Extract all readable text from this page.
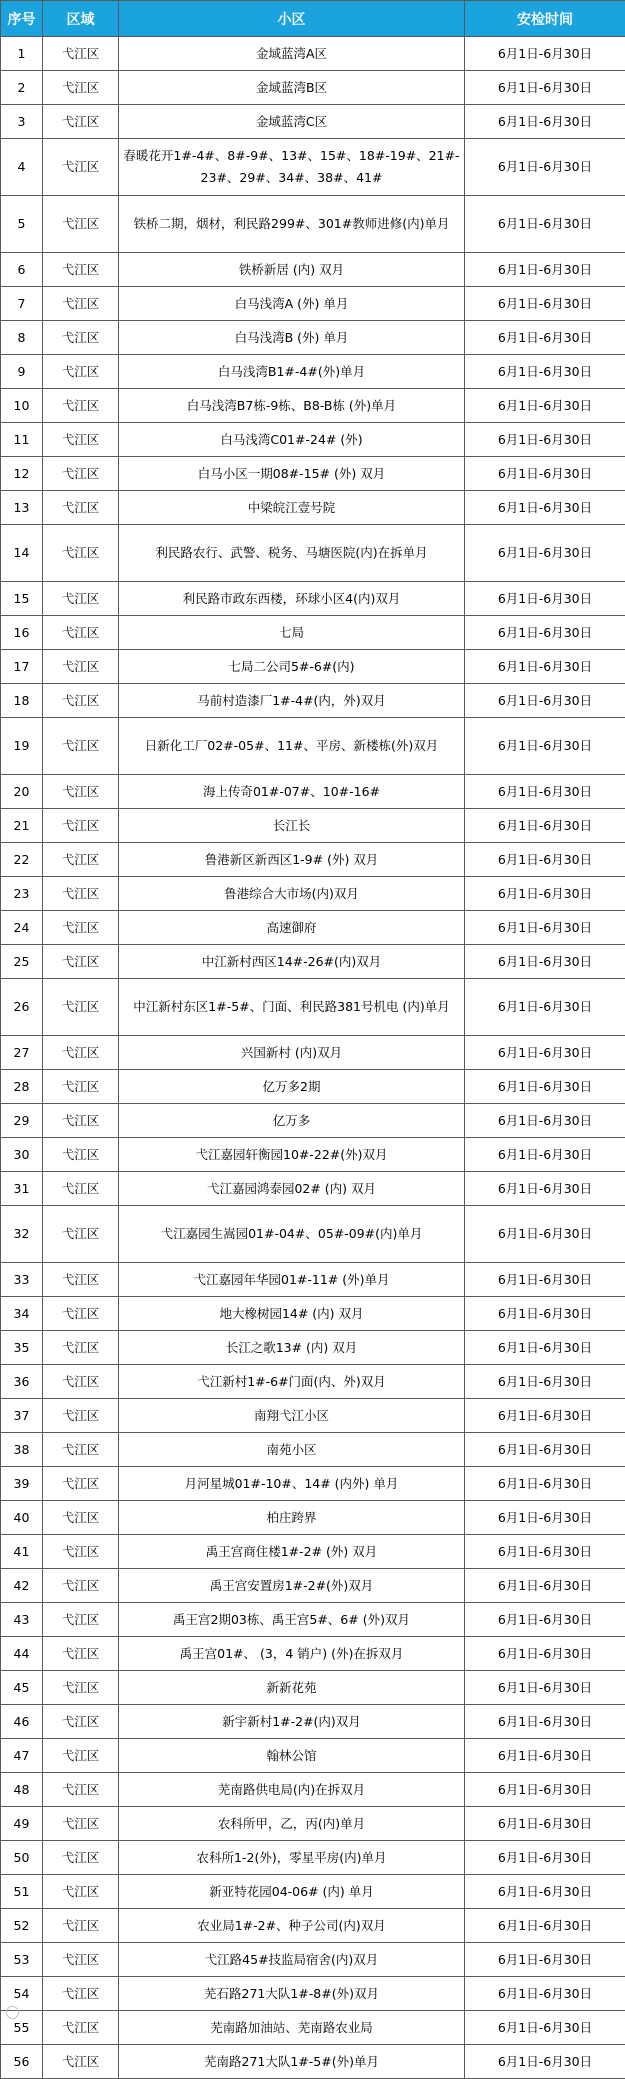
序号	区域	小区	安检时间
1	弋江区	金域蓝湾A区	6月1日-6月30日
2	弋江区	金域蓝湾B区	6月1日-6月30日
3	弋江区	金域蓝湾C区	6月1日-6月30日
4	弋江区	春暖花开1#-4#、8#-9#、13#、15#、18#-19#、21#-23#、29#、34#、38#、41#	6月1日-6月30日
5	弋江区	铁桥二期，烟材，利民路299#、301#教师进修(内)单月	6月1日-6月30日
6	弋江区	铁桥新居 (内) 双月	6月1日-6月30日
7	弋江区	白马浅湾A (外) 单月	6月1日-6月30日
8	弋江区	白马浅湾B (外) 单月	6月1日-6月30日
9	弋江区	白马浅湾B1#-4#(外)单月	6月1日-6月30日
10	弋江区	白马浅湾B7栋-9栋、B8-B栋 (外)单月	6月1日-6月30日
11	弋江区	白马浅湾C01#-24# (外)	6月1日-6月30日
12	弋江区	白马小区一期08#-15# (外) 双月	6月1日-6月30日
13	弋江区	中梁皖江壹号院	6月1日-6月30日
14	弋江区	利民路农行、武警、税务、马塘医院(内)在拆单月	6月1日-6月30日
15	弋江区	利民路市政东西楼，环球小区4(内)双月	6月1日-6月30日
16	弋江区	七局	6月1日-6月30日
17	弋江区	七局二公司5#-6#(内)	6月1日-6月30日
18	弋江区	马前村造漆厂1#-4#(内，外)双月	6月1日-6月30日
19	弋江区	日新化工厂02#-05#、11#、平房、新楼栋(外)双月	6月1日-6月30日
20	弋江区	海上传奇01#-07#、10#-16#	6月1日-6月30日
21	弋江区	长江长	6月1日-6月30日
22	弋江区	鲁港新区新西区1-9# (外) 双月	6月1日-6月30日
23	弋江区	鲁港综合大市场(内)双月	6月1日-6月30日
24	弋江区	高速御府	6月1日-6月30日
25	弋江区	中江新村西区14#-26#(内)双月	6月1日-6月30日
26	弋江区	中江新村东区1#-5#、门面、利民路381号机电 (内)单月	6月1日-6月30日
27	弋江区	兴国新村 (内)双月	6月1日-6月30日
28	弋江区	亿万多2期	6月1日-6月30日
29	弋江区	亿万多	6月1日-6月30日
30	弋江区	弋江嘉园轩衡园10#-22#(外)双月	6月1日-6月30日
31	弋江区	弋江嘉园鸿泰园02# (内) 双月	6月1日-6月30日
32	弋江区	弋江嘉园生嵩园01#-04#、05#-09#(内)单月	6月1日-6月30日
33	弋江区	弋江嘉园年华园01#-11# (外)单月	6月1日-6月30日
34	弋江区	地大橡树园14# (内) 双月	6月1日-6月30日
35	弋江区	长江之歌13# (内) 双月	6月1日-6月30日
36	弋江区	弋江新村1#-6#门面(内、外)双月	6月1日-6月30日
37	弋江区	南翔弋江小区	6月1日-6月30日
38	弋江区	南苑小区	6月1日-6月30日
39	弋江区	月河星城01#-10#、14# (内外) 单月	6月1日-6月30日
40	弋江区	柏庄跨界	6月1日-6月30日
41	弋江区	禹王宫商住楼1#-2# (外) 双月	6月1日-6月30日
42	弋江区	禹王宫安置房1#-2#(外)双月	6月1日-6月30日
43	弋江区	禹王宫2期03栋、禹王宫5#、6# (外)双月	6月1日-6月30日
44	弋江区	禹王宫01#、 (3，4 销户) (外)在拆双月	6月1日-6月30日
45	弋江区	新新花苑	6月1日-6月30日
46	弋江区	新宇新村1#-2#(内)双月	6月1日-6月30日
47	弋江区	翰林公馆	6月1日-6月30日
48	弋江区	芜南路供电局(内)在拆双月	6月1日-6月30日
49	弋江区	农科所甲，乙，丙(内)单月	6月1日-6月30日
50	弋江区	农科所1-2(外)，零星平房(内)单月	6月1日-6月30日
51	弋江区	新亚特花园04-06# (内) 单月	6月1日-6月30日
52	弋江区	农业局1#-2#、种子公司(内)双月	6月1日-6月30日
53	弋江区	弋江路45#技监局宿舍(内)双月	6月1日-6月30日
54	弋江区	芜石路271大队1#-8#(外)双月	6月1日-6月30日
55	弋江区	芜南路加油站、芜南路农业局	6月1日-6月30日
56	弋江区	芜南路271大队1#-5#(外)单月	6月1日-6月30日
